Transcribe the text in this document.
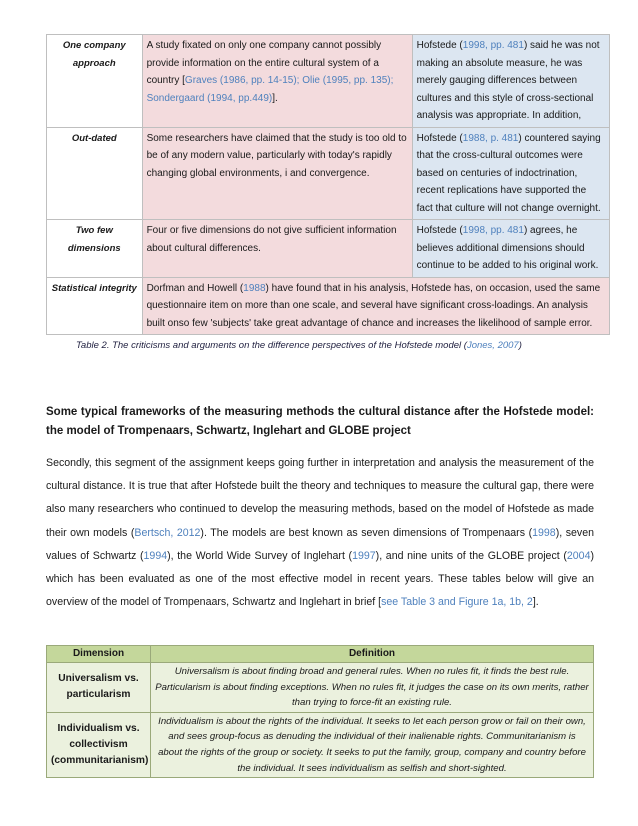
One company approach	A study fixated on only one company cannot possibly provide information on the entire cultural system of a country [Graves (1986, pp. 14-15); Olie (1995, pp. 135); Sondergaard (1994, pp.449)].	Hofstede (1998, pp. 481) said he was not making an absolute measure, he was merely gauging differences between cultures and this style of cross-sectional analysis was appropriate. In addition,
Out-dated	Some researchers have claimed that the study is too old to be of any modern value, particularly with today's rapidly changing global environments, i and convergence.	Hofstede (1988, p. 481) countered saying that the cross-cultural outcomes were based on centuries of indoctrination, recent replications have supported the fact that culture will not change overnight.
Two few dimensions	Four or five dimensions do not give sufficient information about cultural differences.	Hofstede (1998, pp. 481) agrees, he believes additional dimensions should continue to be added to his original work.
Statistical integrity	Dorfman and Howell (1988) have found that in his analysis, Hofstede has, on occasion, used the same questionnaire item on more than one scale, and several have significant cross-loadings. An analysis built onso few 'subjects' take great advantage of chance and increases the likelihood of sample error.	
Table 2. The criticisms and arguments on the difference perspectives of the Hofstede model (Jones, 2007)
Some typical frameworks of the measuring methods the cultural distance after the Hofstede model: the model of Trompenaars, Schwartz, Inglehart and GLOBE project
Secondly, this segment of the assignment keeps going further in interpretation and analysis the measurement of the cultural distance. It is true that after Hofstede built the theory and techniques to measure the cultural gap, there were also many researchers who continued to develop the measuring methods, based on the model of Hofstede as made their own models (Bertsch, 2012). The models are best known as seven dimensions of Trompenaars (1998), seven values of Schwartz (1994), the World Wide Survey of Inglehart (1997), and nine units of the GLOBE project (2004) which has been evaluated as one of the most effective model in recent years. These tables below will give an overview of the model of Trompenaars, Schwartz and Inglehart in brief [see Table 3 and Figure 1a, 1b, 2].
Dimension	Definition
Universalism vs. particularism	Universalism is about finding broad and general rules. When no rules fit, it finds the best rule. Particularism is about finding exceptions. When no rules fit, it judges the case on its own merits, rather than trying to force-fit an existing rule.
Individualism vs. collectivism (communitarianism)	Individualism is about the rights of the individual. It seeks to let each person grow or fail on their own, and sees group-focus as denuding the individual of their inalienable rights. Communitarianism is about the rights of the group or society. It seeks to put the family, group, company and country before the individual. It sees individualism as selfish and short-sighted.
